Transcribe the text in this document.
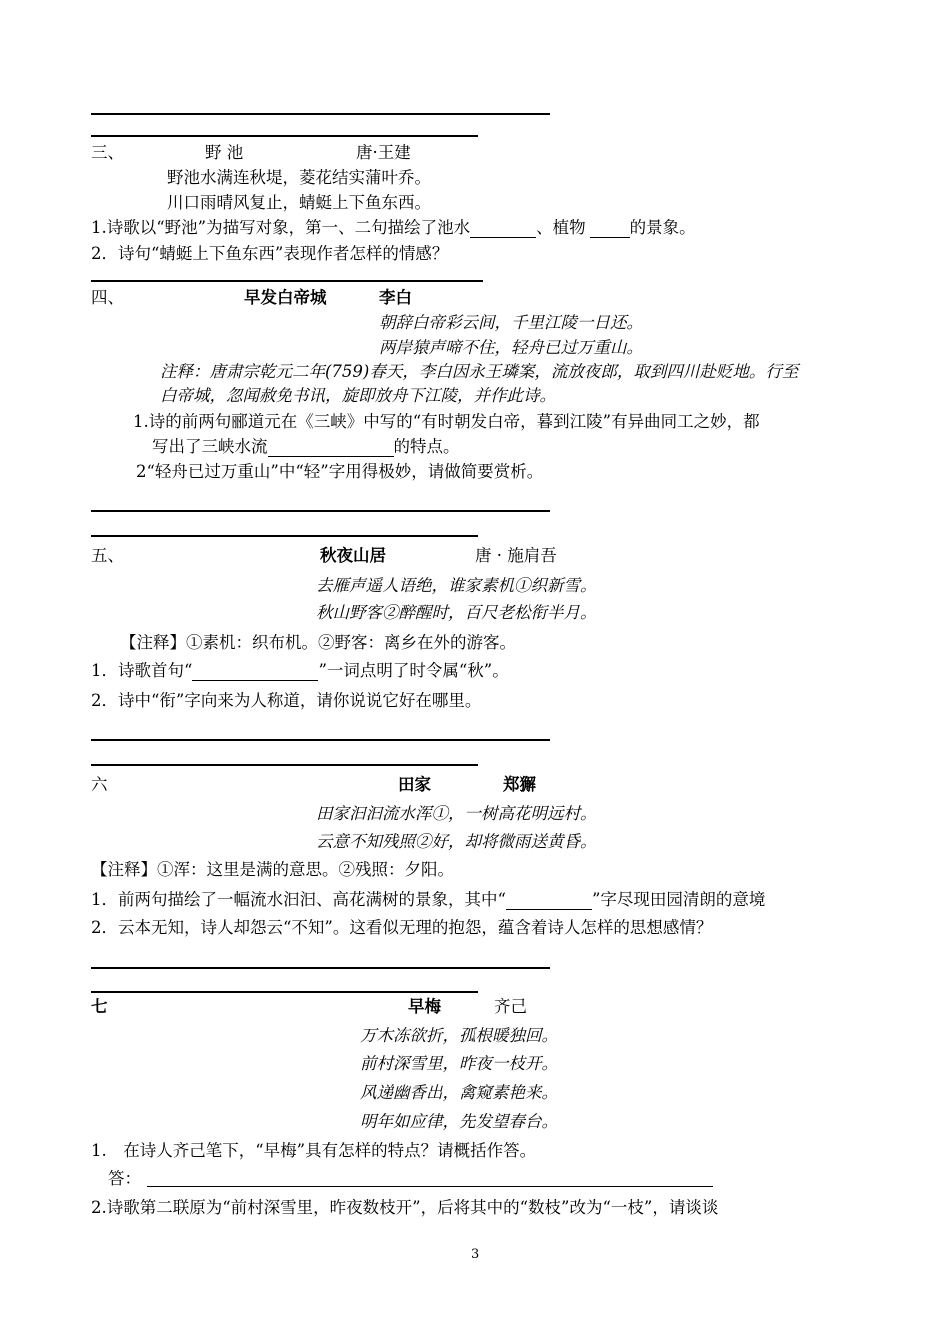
三、	野 池	唐·王建
野池水满连秋堤，菱花结实蒲叶乔。
川口雨晴风复止，蜻蜓上下鱼东西。
1.诗歌以“野池”为描写对象，第一、二句描绘了池水	、植物	的景象。
2．诗句“蜻蜓上下鱼东西”表现作者怎样的情感？
四、	早发白帝城	李白
朝辞白帝彩云间，千里江陵一日还。
两岸猿声啼不住，轻舟已过万重山。
注释：唐肃宗乾元二年(759)春天，李白因永王璘案，流放夜郎，取到四川赴贬地。行至
白帝城，忽闻赦免书讯，旋即放舟下江陵，并作此诗。
1.诗的前两句郦道元在《三峡》中写的“有时朝发白帝，暮到江陵”有异曲同工之妙，都
写出了三峡水流	的特点。
2“轻舟已过万重山”中“轻”字用得极妙，请做简要赏析。
五、	秋夜山居	唐 · 施肩吾
去雁声遥人语绝，谁家素机①织新雪。
秋山野客②醉醒时，百尺老松衔半月。
【注释】①素机：织布机。②野客：离乡在外的游客。
1．诗歌首句“	”一词点明了时令属“秋”。
2．诗中“衔”字向来为人称道，请你说说它好在哪里。
六	田家	郑獬
田家汩汩流水浑①，一树高花明远村。
云意不知残照②好，却将微雨送黄昏。
【注释】①浑：这里是满的意思。②残照：夕阳。
1．前两句描绘了一幅流水汩汩、高花满树的景象，其中“	”字尽现田园清朗的意境
2．云本无知，诗人却怨云“不知”。这看似无理的抱怨，蕴含着诗人怎样的思想感情？
七	早梅	齐己
万木冻欲折，孤根暖独回。
前村深雪里，昨夜一枝开。
风递幽香出，禽窥素艳来。
明年如应律，先发望春台。
1.　在诗人齐己笔下，“早梅”具有怎样的特点？请概括作答。
答：
2.诗歌第二联原为“前村深雪里，昨夜数枝开”，后将其中的“数枝”改为“一枝”，请谈谈
3
